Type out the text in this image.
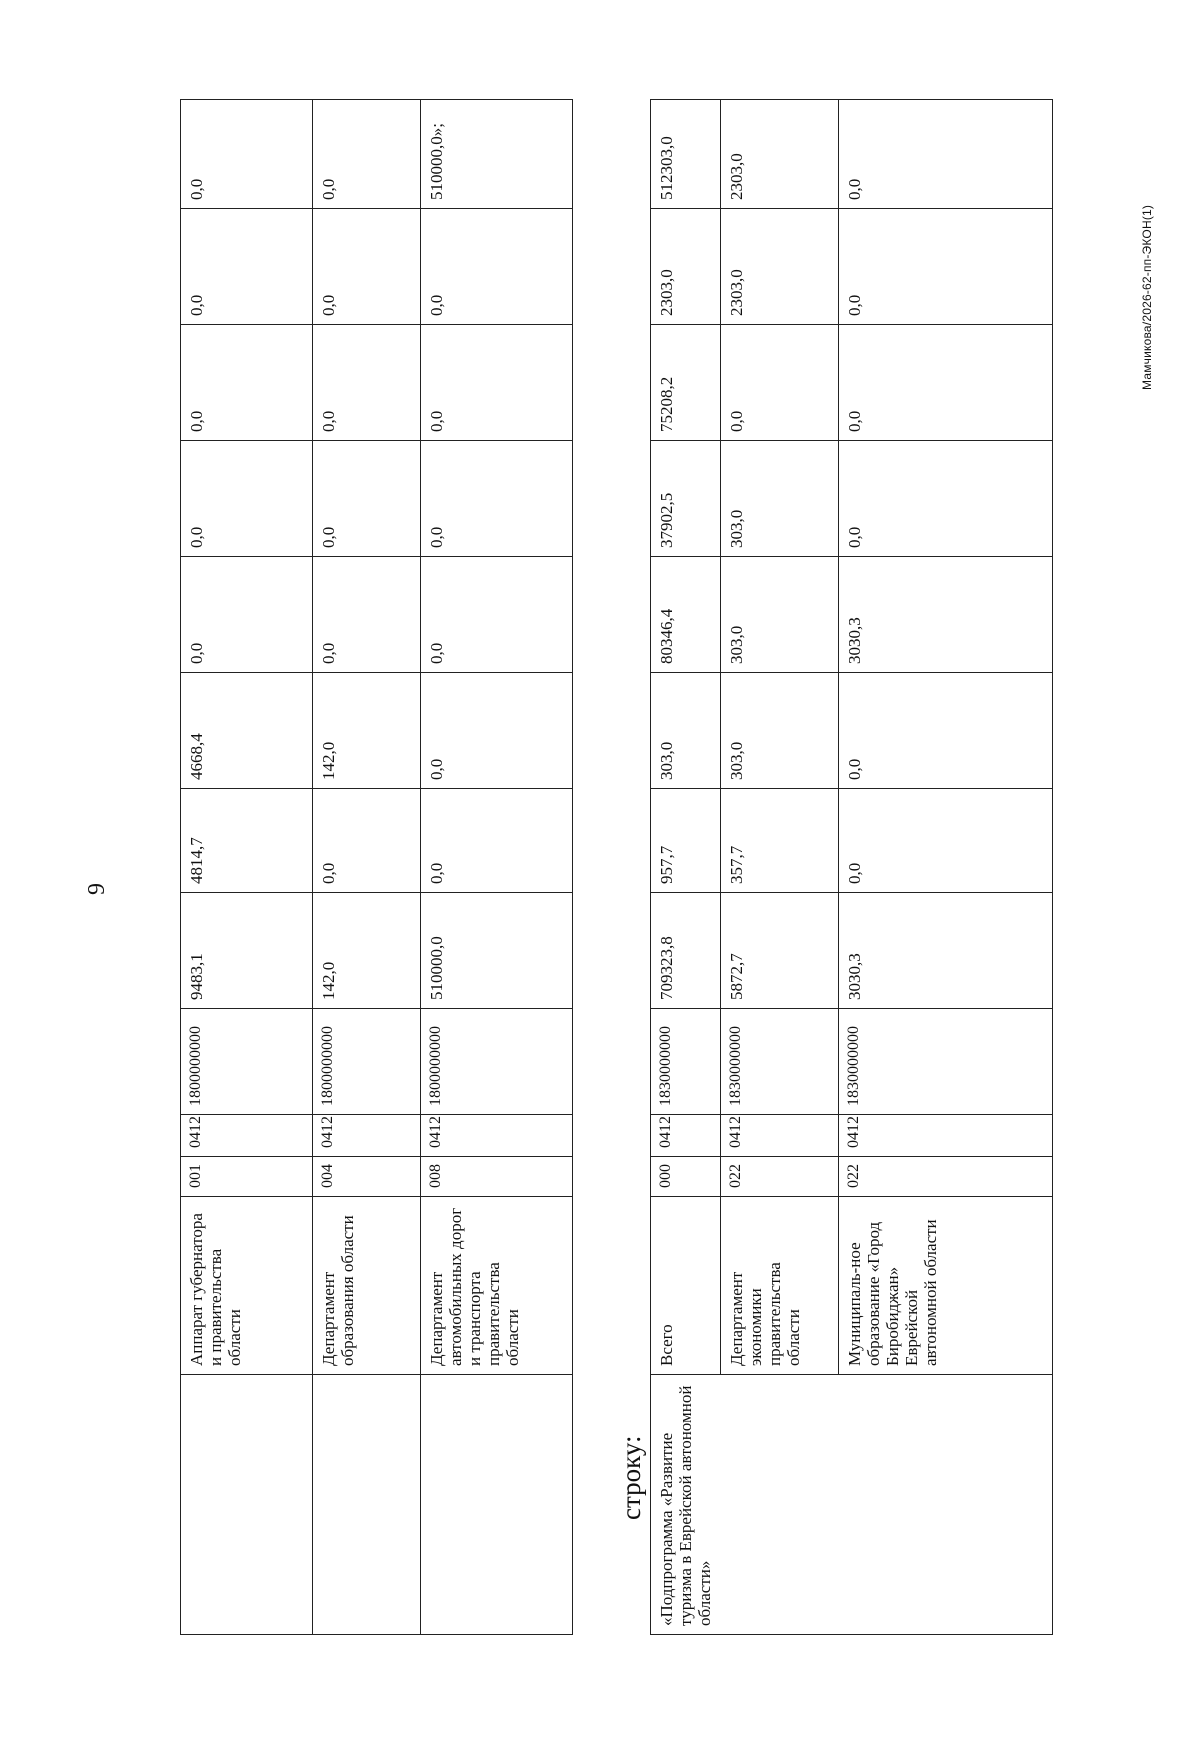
9
	Аппарат губернатора и правительства области	001	0412	1800000000	9483,1	4814,7	4668,4	0,0	0,0	0,0	0,0	0,0
	Департамент образования области	004	0412	1800000000	142,0	0,0	142,0	0,0	0,0	0,0	0,0	0,0
	Департамент автомобильных дорог и транспорта правительства области	008	0412	1800000000	510000,0	0,0	0,0	0,0	0,0	0,0	0,0	510000,0»;
строку: «Подпрограмма «Развитие туризма в Еврейской автономной области»	Всего	000	0412	1830000000	709323,8	957,7	303,0	80346,4	37902,5	75208,2	2303,0	512303,0
	Департамент экономики правительства области	022	0412	1830000000	5872,7	357,7	303,0	303,0	303,0	0,0	2303,0	2303,0
	Муниципаль-ное образование «Город Биробиджан» Еврейской автономной области	022	0412	1830000000	3030,3	0,0	0,0	3030,3	0,0	0,0	0,0	0,0
Мамчикова/2026-62-пп-ЭКОН(1)
